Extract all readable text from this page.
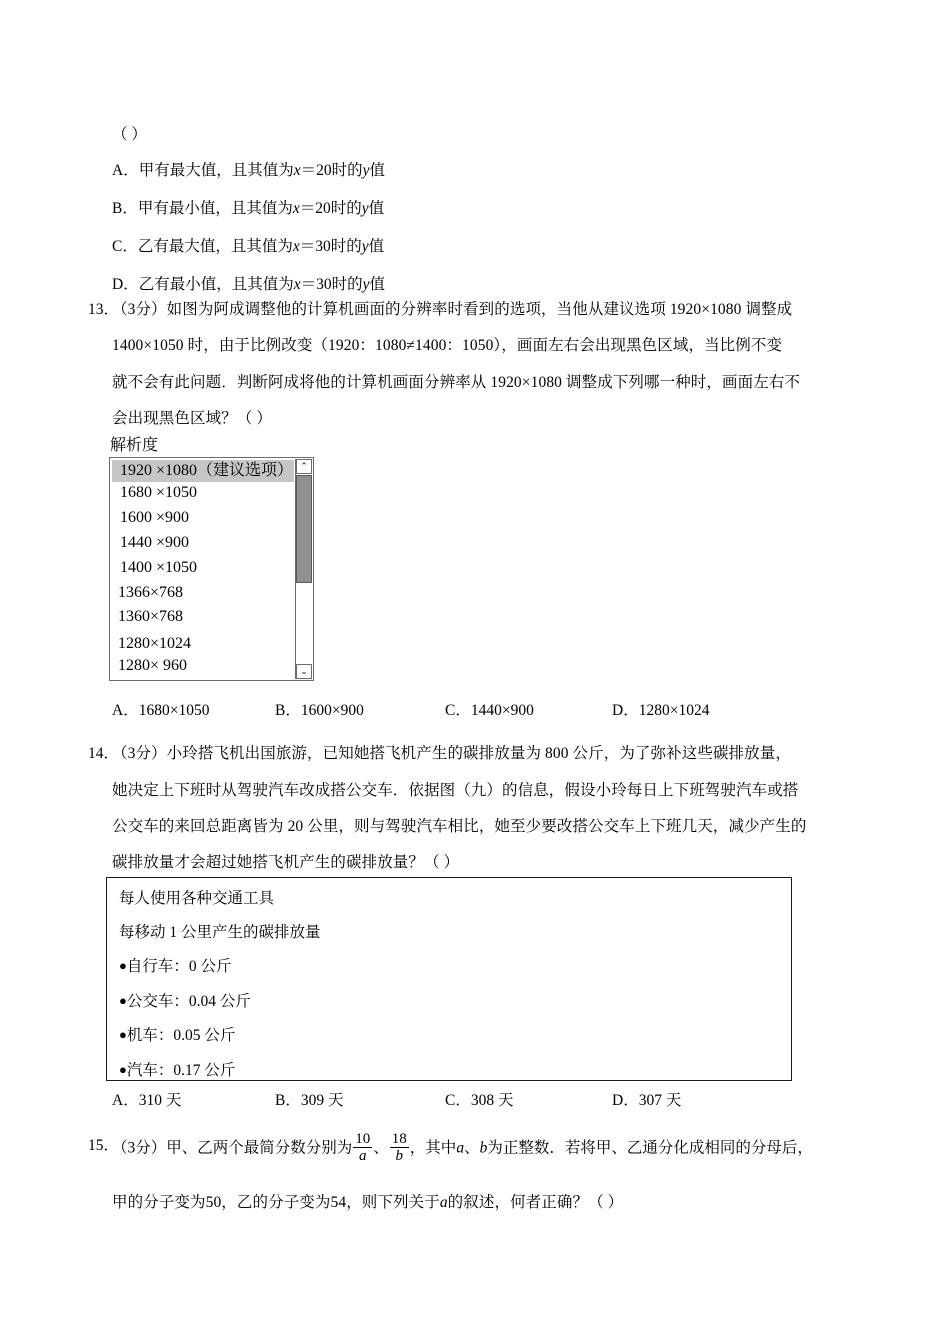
（ ）
A．甲有最大值，且其值为x＝20时的y值
B．甲有最小值，且其值为x＝20时的y值
C．乙有最大值，且其值为x＝30时的y值
D．乙有最小值，且其值为x＝30时的y值
13．
（3分）如图为阿成调整他的计算机画面的分辨率时看到的选项，当他从建议选项 1920×1080 调整成
1400×1050 时，由于比例改变（1920：1080≠1400：1050），画面左右会出现黑色区域，当比例不变
就不会有此问题．判断阿成将他的计算机画面分辨率从 1920×1080 调整成下列哪一种时，画面左右不
会出现黑色区域？（ ）
解析度
1920 ×1080（建议选项）
1680 ×1050
1600 ×900
1440 ×900
1400 ×1050
1366×768
1360×768
1280×1024
1280× 960
⌃
⌄
A．1680×1050	B．1600×900	C．1440×900	D．1280×1024
14．
（3分）小玲搭飞机出国旅游，已知她搭飞机产生的碳排放量为 800 公斤，为了弥补这些碳排放量，
她决定上下班时从驾驶汽车改成搭公交车．依据图（九）的信息，假设小玲每日上下班驾驶汽车或搭
公交车的来回总距离皆为 20 公里，则与驾驶汽车相比，她至少要改搭公交车上下班几天，减少产生的
碳排放量才会超过她搭飞机产生的碳排放量？（ ）
每人使用各种交通工具
每移动 1 公里产生的碳排放量
●自行车：0 公斤
●公交车：0.04 公斤
●机车：0.05 公斤
●汽车：0.17 公斤
A．310 天	B．309 天	C．308 天	D．307 天
15．
（3分）甲、乙两个最简分数分别为 $\frac{10}{a}$ 、 $\frac{18}{b}$ ，其中a、b为正整数．若将甲、乙通分化成相同的分母后，
甲的分子变为50，乙的分子变为54，则下列关于a的叙述，何者正确？（ ）
